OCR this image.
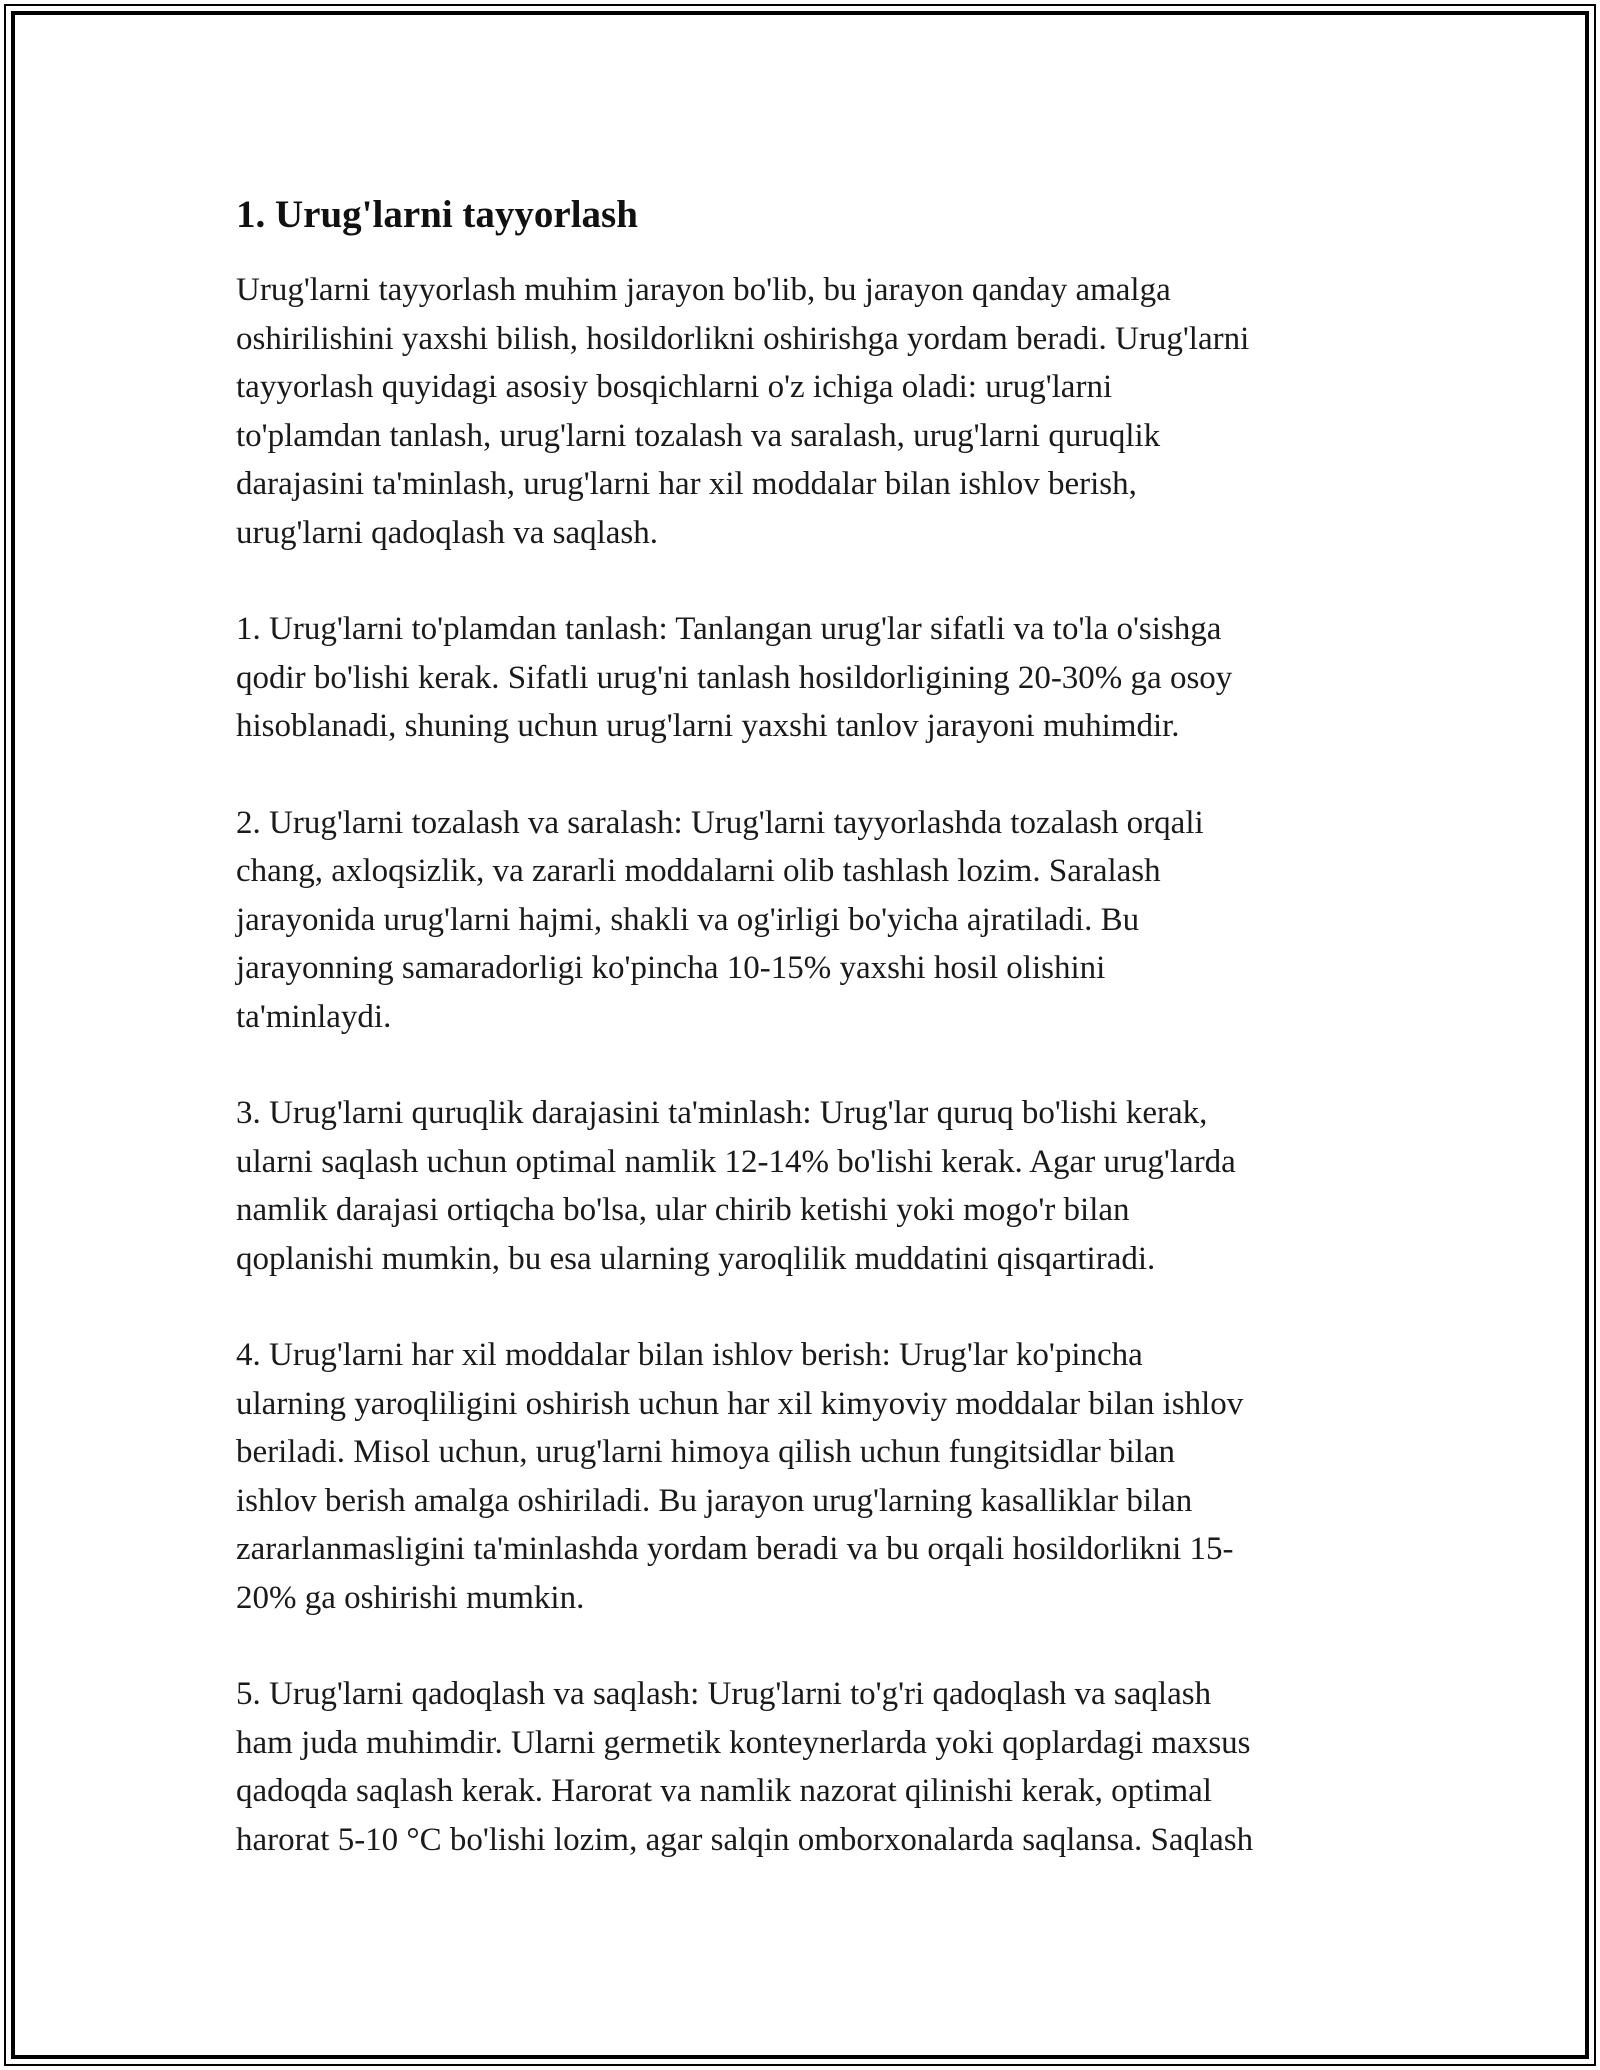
1. Urug'larni tayyorlash

Urug'larni tayyorlash muhim jarayon bo'lib, bu jarayon qanday amalga
oshirilishini yaxshi bilish, hosildorlikni oshirishga yordam beradi. Urug'larni
tayyorlash quyidagi asosiy bosqichlarni o'z ichiga oladi: urug'larni
to'plamdan tanlash, urug'larni tozalash va saralash, urug'larni quruqlik
darajasini ta'minlash, urug'larni har xil moddalar bilan ishlov berish,
urug'larni qadoqlash va saqlash.

1. Urug'larni to'plamdan tanlash: Tanlangan urug'lar sifatli va to'la o'sishga
qodir bo'lishi kerak. Sifatli urug'ni tanlash hosildorligining 20-30% ga osoy
hisoblanadi, shuning uchun urug'larni yaxshi tanlov jarayoni muhimdir.

2. Urug'larni tozalash va saralash: Urug'larni tayyorlashda tozalash orqali
chang, axloqsizlik, va zararli moddalarni olib tashlash lozim. Saralash
jarayonida urug'larni hajmi, shakli va og'irligi bo'yicha ajratiladi. Bu
jarayonning samaradorligi ko'pincha 10-15% yaxshi hosil olishini
ta'minlaydi.

3. Urug'larni quruqlik darajasini ta'minlash: Urug'lar quruq bo'lishi kerak,
ularni saqlash uchun optimal namlik 12-14% bo'lishi kerak. Agar urug'larda
namlik darajasi ortiqcha bo'lsa, ular chirib ketishi yoki mogo'r bilan
qoplanishi mumkin, bu esa ularning yaroqlilik muddatini qisqartiradi.

4. Urug'larni har xil moddalar bilan ishlov berish: Urug'lar ko'pincha
ularning yaroqliligini oshirish uchun har xil kimyoviy moddalar bilan ishlov
beriladi. Misol uchun, urug'larni himoya qilish uchun fungitsidlar bilan
ishlov berish amalga oshiriladi. Bu jarayon urug'larning kasalliklar bilan
zararlanmasligini ta'minlashda yordam beradi va bu orqali hosildorlikni 15-
20% ga oshirishi mumkin.

5. Urug'larni qadoqlash va saqlash: Urug'larni to'g'ri qadoqlash va saqlash
ham juda muhimdir. Ularni germetik konteynerlarda yoki qoplardagi maxsus
qadoqda saqlash kerak. Harorat va namlik nazorat qilinishi kerak, optimal
harorat 5-10 °C bo'lishi lozim, agar salqin omborxonalarda saqlansa. Saqlash
